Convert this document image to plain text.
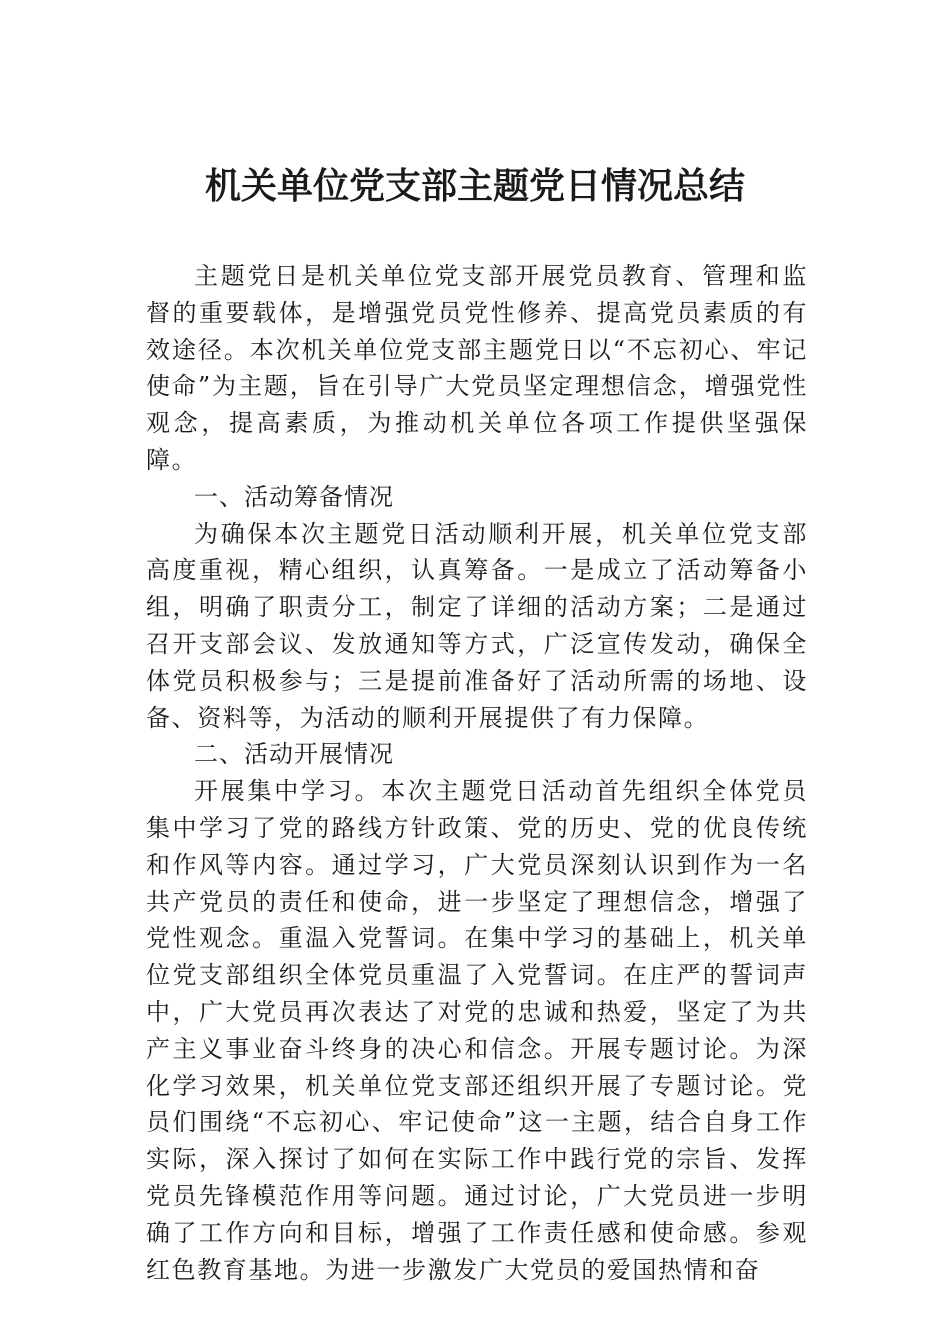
机关单位党支部主题党日情况总结

主题党日是机关单位党支部开展党员教育、管理和监督的重要载体，是增强党员党性修养、提高党员素质的有效途径。本次机关单位党支部主题党日以“不忘初心、牢记使命”为主题，旨在引导广大党员坚定理想信念，增强党性观念，提高素质，为推动机关单位各项工作提供坚强保障。

一、活动筹备情况

为确保本次主题党日活动顺利开展，机关单位党支部高度重视，精心组织，认真筹备。一是成立了活动筹备小组，明确了职责分工，制定了详细的活动方案；二是通过召开支部会议、发放通知等方式，广泛宣传发动，确保全体党员积极参与；三是提前准备好了活动所需的场地、设备、资料等，为活动的顺利开展提供了有力保障。

二、活动开展情况

开展集中学习。本次主题党日活动首先组织全体党员集中学习了党的路线方针政策、党的历史、党的优良传统和作风等内容。通过学习，广大党员深刻认识到作为一名共产党员的责任和使命，进一步坚定了理想信念，增强了党性观念。重温入党誓词。在集中学习的基础上，机关单位党支部组织全体党员重温了入党誓词。在庄严的誓词声中，广大党员再次表达了对党的忠诚和热爱，坚定了为共产主义事业奋斗终身的决心和信念。开展专题讨论。为深化学习效果，机关单位党支部还组织开展了专题讨论。党员们围绕“不忘初心、牢记使命”这一主题，结合自身工作实际，深入探讨了如何在实际工作中践行党的宗旨、发挥党员先锋模范作用等问题。通过讨论，广大党员进一步明确了工作方向和目标，增强了工作责任感和使命感。参观红色教育基地。为进一步激发广大党员的爱国热情和奋
